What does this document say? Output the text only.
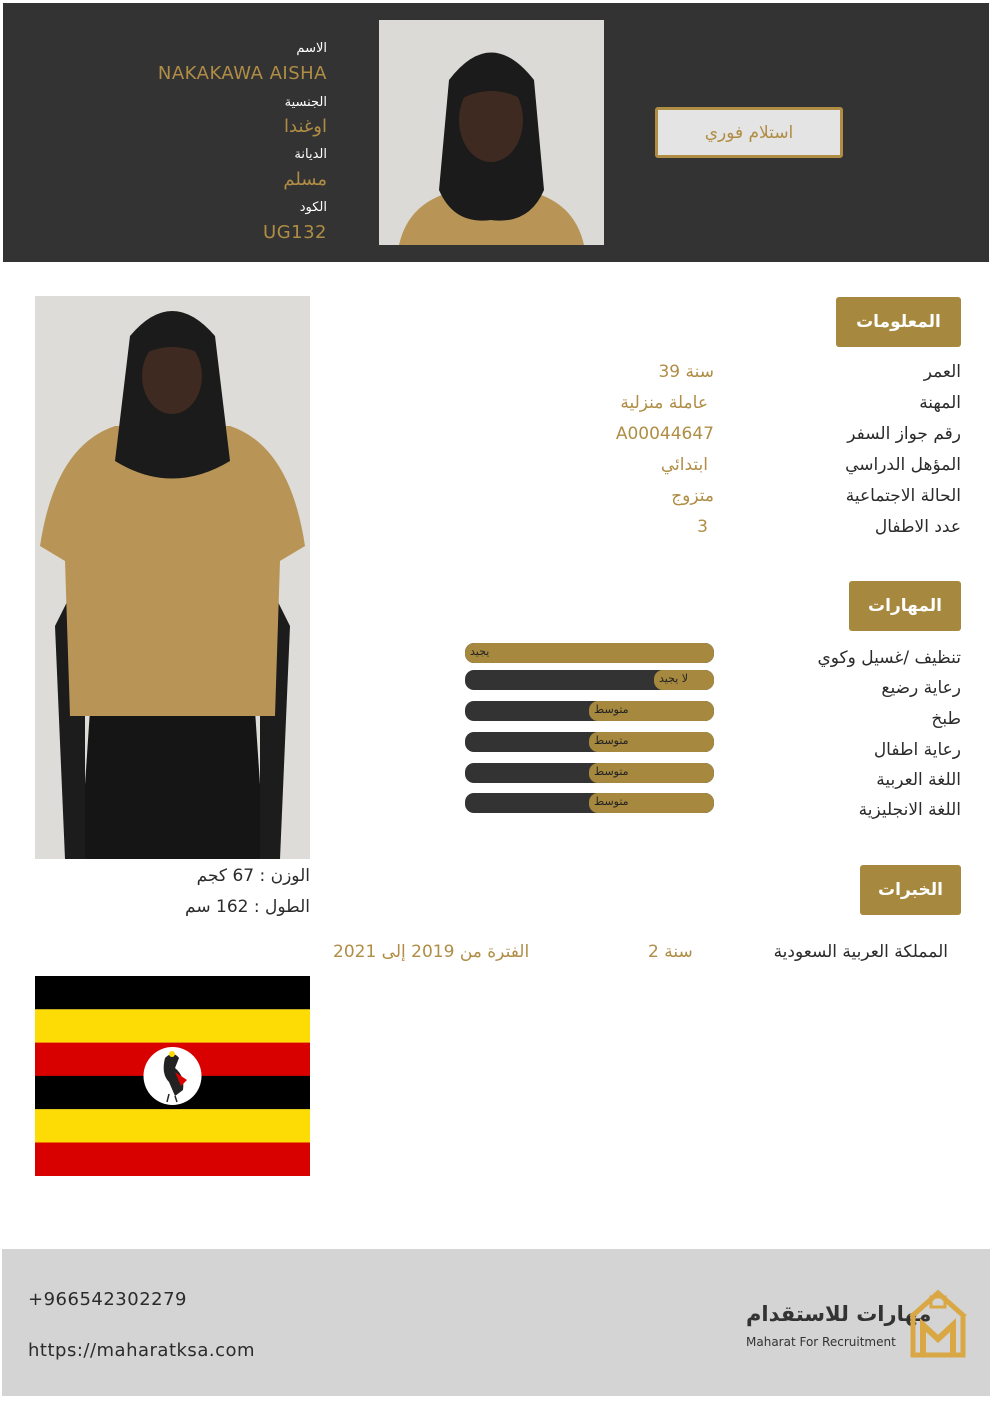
الاسم
NAKAKAWA AISHA
الجنسية
اوغندا
الديانة
مسلم
الكود
UG132
استلام فوري
المعلومات
العمر
39 سنة
المهنة
عاملة منزلية
رقم جواز السفر
A00044647
المؤهل الدراسي
ابتدائي
الحالة الاجتماعية
متزوج
عدد الاطفال
3
المهارات
تنظيف /غسيل وكوي
يجيد
رعاية رضيع
لا يجيد
طبخ
متوسط
رعاية اطفال
متوسط
اللغة العربية
متوسط
اللغة الانجليزية
متوسط
الخبرات
المملكة العربية السعودية
2 سنة
الفترة من 2019 إلى 2021
الوزن : 67 كجم
الطول : 162 سم
+966542302279
https://maharatksa.com
مهارات للاستقدام
Maharat For Recruitment
